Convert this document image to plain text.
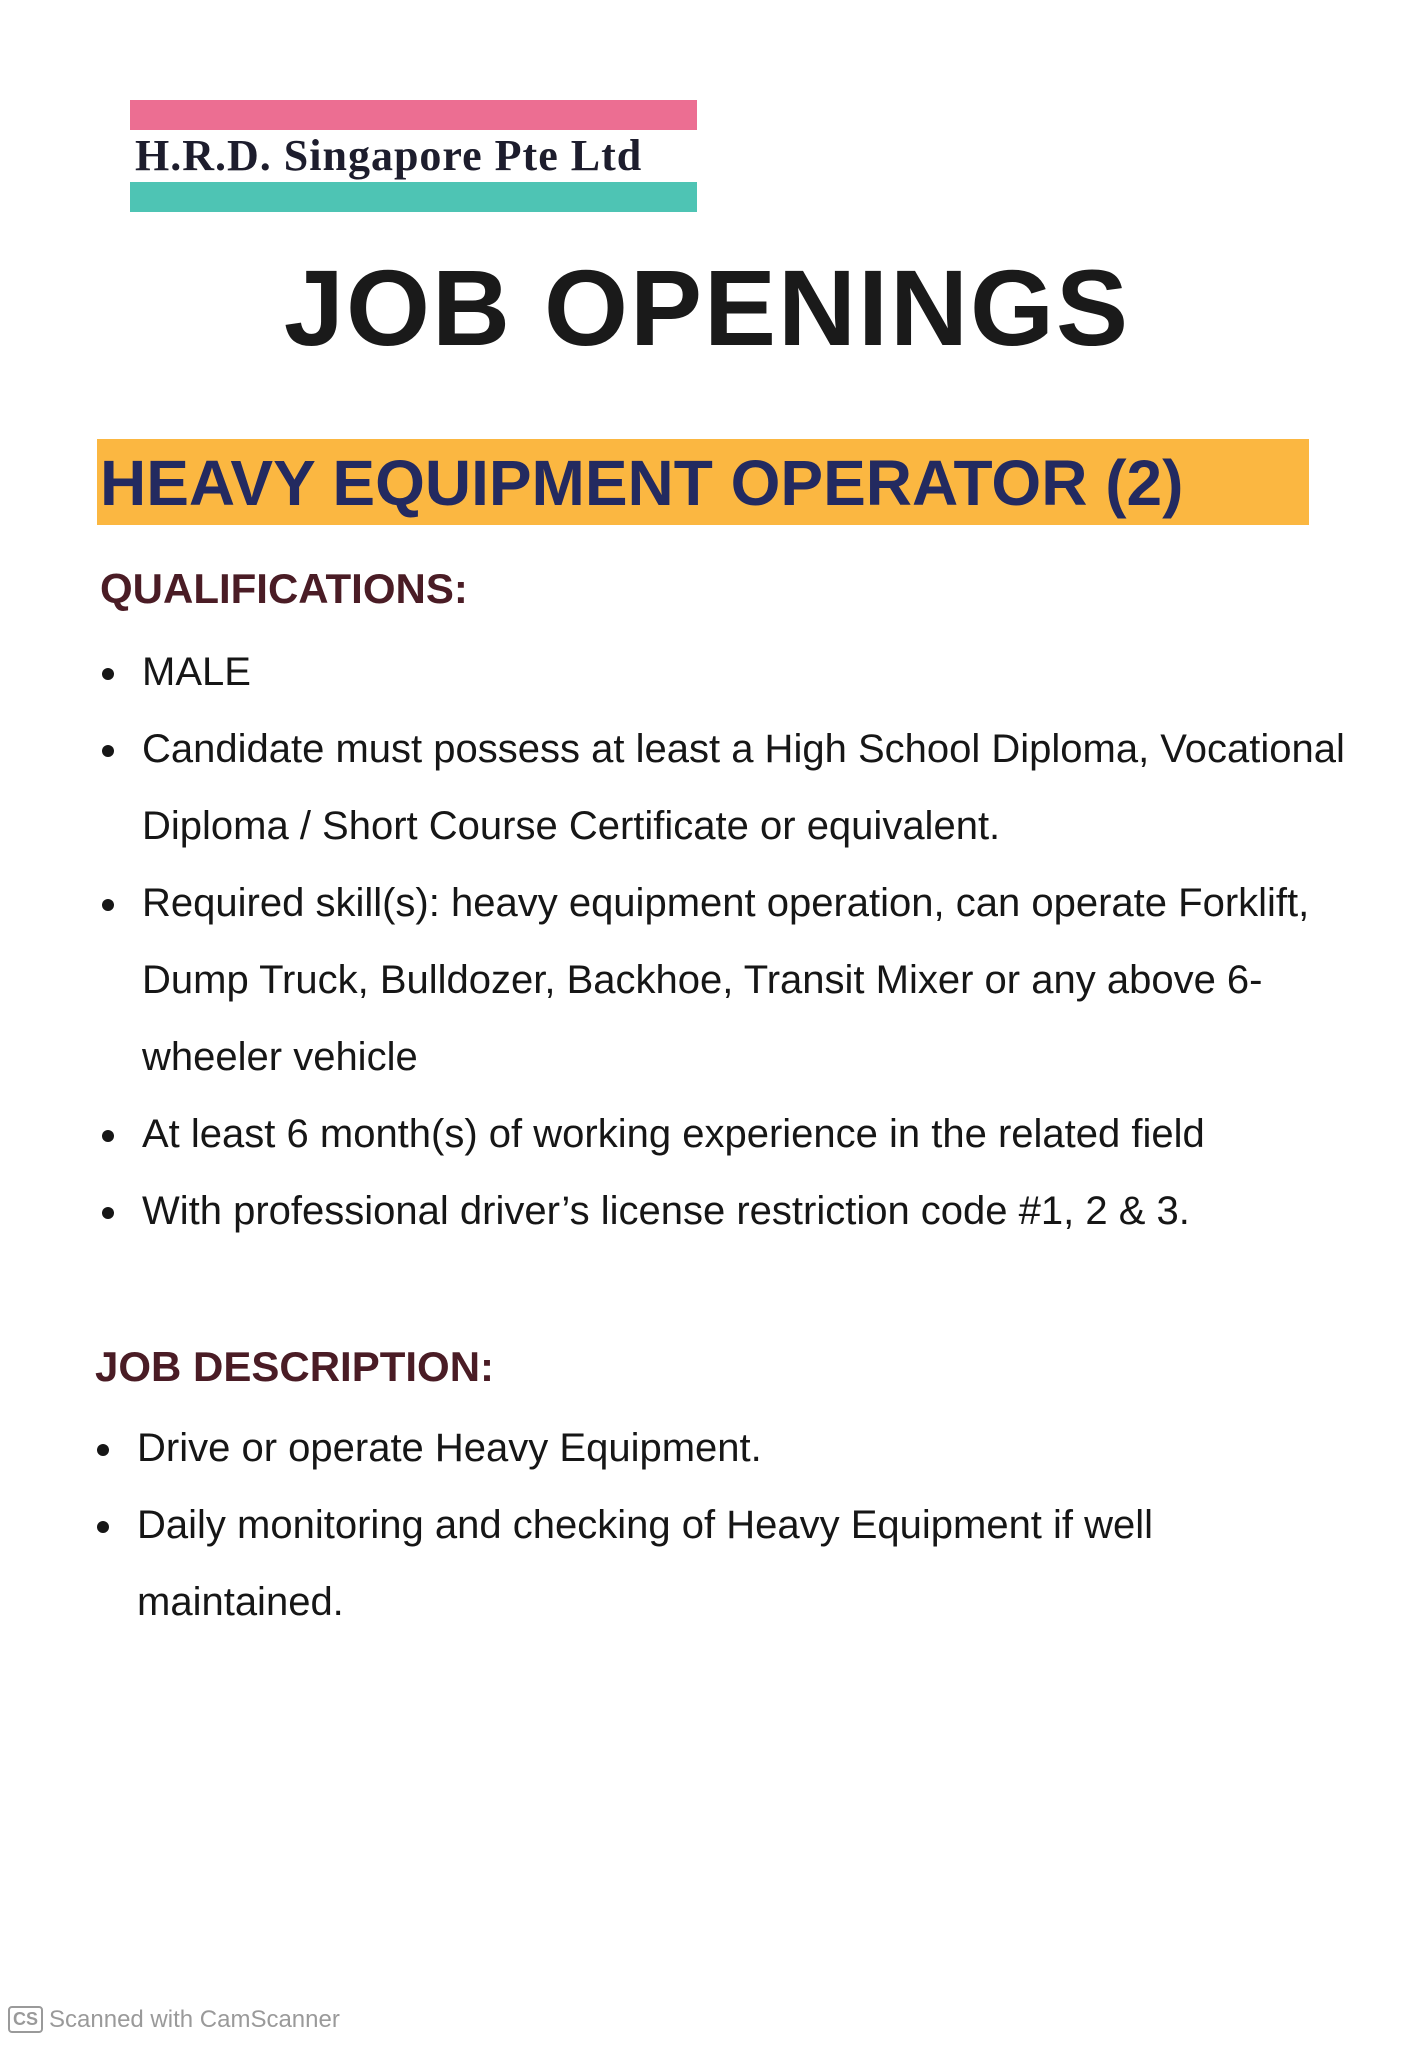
H.R.D. Singapore Pte Ltd
JOB OPENINGS
HEAVY EQUIPMENT OPERATOR (2)
QUALIFICATIONS:
MALE
Candidate must possess at least a High School Diploma, Vocational Diploma / Short Course Certificate or equivalent.
Required skill(s): heavy equipment operation, can operate Forklift, Dump Truck, Bulldozer, Backhoe, Transit Mixer or any above 6-wheeler vehicle
At least 6 month(s) of working experience in the related field
With professional driver’s license restriction code #1, 2 & 3.
JOB DESCRIPTION:
Drive or operate Heavy Equipment.
Daily monitoring and checking of Heavy Equipment if well maintained.
CS Scanned with CamScanner
